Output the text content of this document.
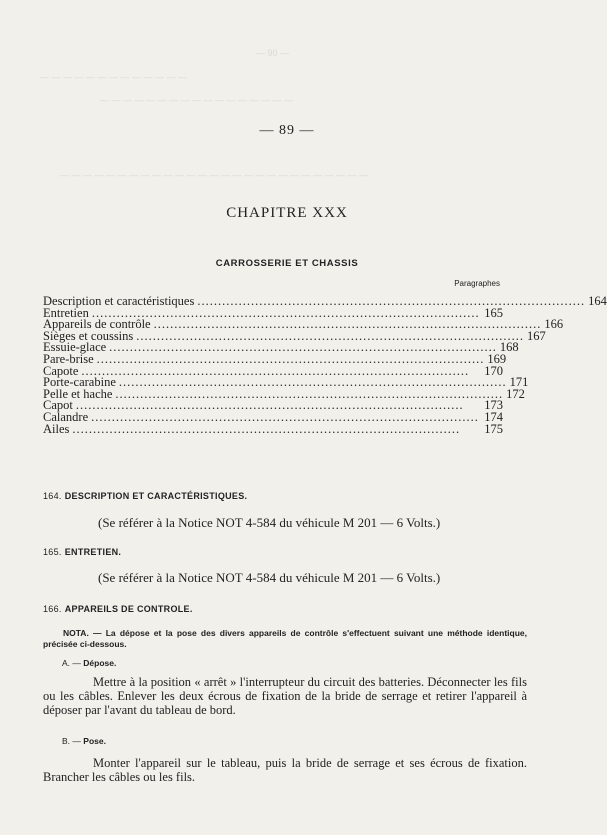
— 90 —
— — — — — — — — — — — — —
— — — — — — — — — — — — — — — — —
— — — — — — — — — — — — — — — — — — — — — — — — — — —
— 89 —
CHAPITRE XXX
CARROSSERIE ET CHASSIS
Paragraphes
Description et caractéristiques .............................................................................................. 164
Entretien .............................................................................................. 165
Appareils de contrôle .............................................................................................. 166
Sièges et coussins .............................................................................................. 167
Essuie-glace .............................................................................................. 168
Pare-brise .............................................................................................. 169
Capote ..............................................................................................	170
Porte-carabine .............................................................................................. 171
Pelle et hache .............................................................................................. 172
Capot ..............................................................................................	173
Calandre .............................................................................................. 174
Ailes ..............................................................................................	175
164. DESCRIPTION ET CARACTÉRISTIQUES.
(Se référer à la Notice NOT 4-584 du véhicule M 201 — 6 Volts.)
165. ENTRETIEN.
(Se référer à la Notice NOT 4-584 du véhicule M 201 — 6 Volts.)
166. APPAREILS DE CONTROLE.
NOTA. — La dépose et la pose des divers appareils de contrôle s'effectuent suivant une méthode identique, précisée ci-dessous.
A. — Dépose.
Mettre à la position « arrêt » l'interrupteur du circuit des batteries. Déconnecter les fils ou les câbles. Enlever les deux écrous de fixation de la bride de serrage et retirer l'appareil à déposer par l'avant du tableau de bord.
B. — Pose.
Monter l'appareil sur le tableau, puis la bride de serrage et ses écrous de fixation. Brancher les câbles ou les fils.
